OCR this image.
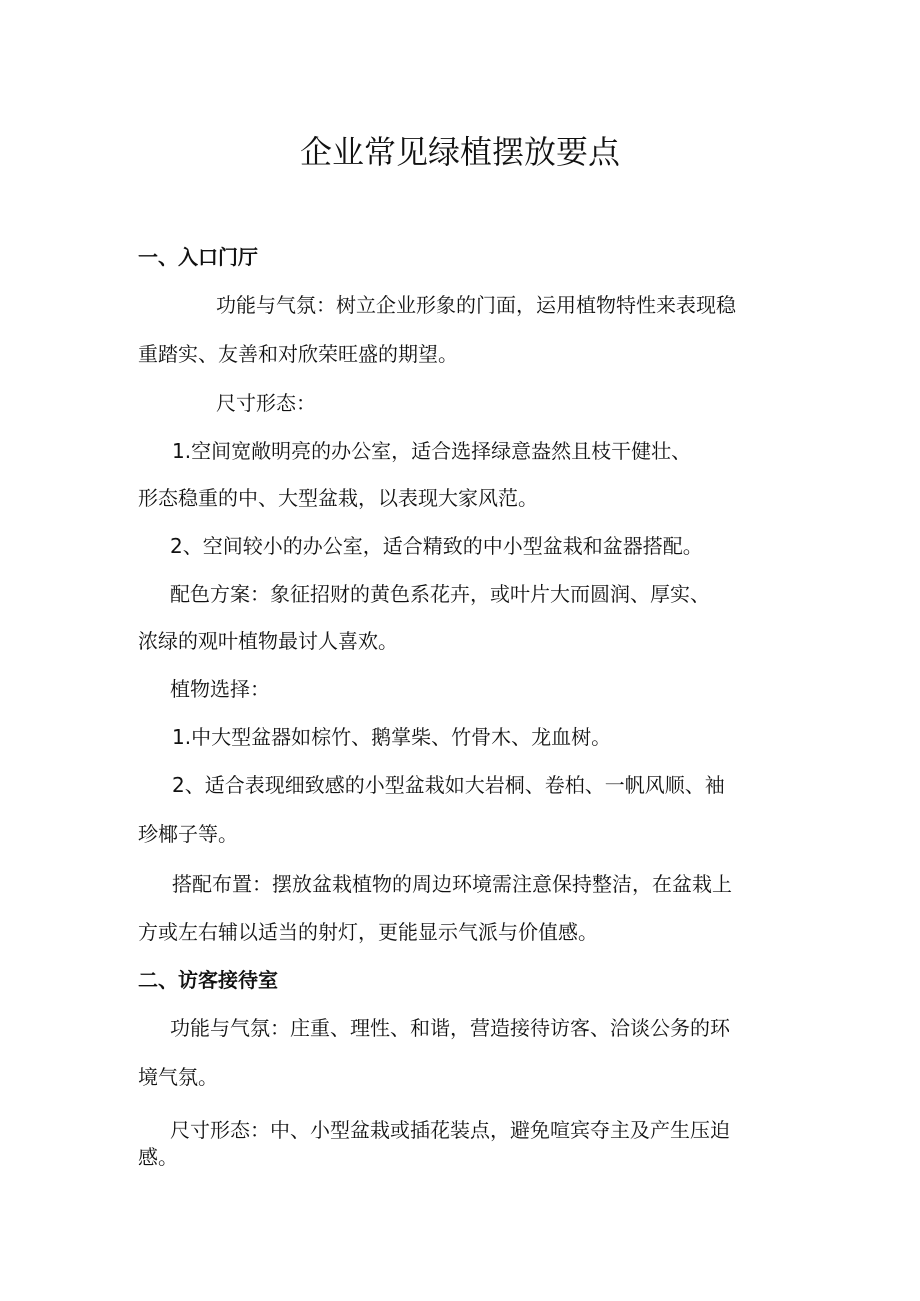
企业常见绿植摆放要点

一、入口门厅

功能与气氛：树立企业形象的门面，运用植物特性来表现稳

重踏实、友善和对欣荣旺盛的期望。

尺寸形态：

1.空间宽敞明亮的办公室，适合选择绿意盎然且枝干健壮、

形态稳重的中、大型盆栽，以表现大家风范。

2、空间较小的办公室，适合精致的中小型盆栽和盆器搭配。

配色方案：象征招财的黄色系花卉，或叶片大而圆润、厚实、

浓绿的观叶植物最讨人喜欢。

植物选择：

1.中大型盆器如棕竹、鹅掌柴、竹骨木、龙血树。

2、适合表现细致感的小型盆栽如大岩桐、卷柏、一帆风顺、袖

珍椰子等。

搭配布置：摆放盆栽植物的周边环境需注意保持整洁，在盆栽上

方或左右辅以适当的射灯，更能显示气派与价值感。

二、访客接待室

功能与气氛：庄重、理性、和谐，营造接待访客、洽谈公务的环

境气氛。

尺寸形态：中、小型盆栽或插花装点，避免喧宾夺主及产生压迫

感。
